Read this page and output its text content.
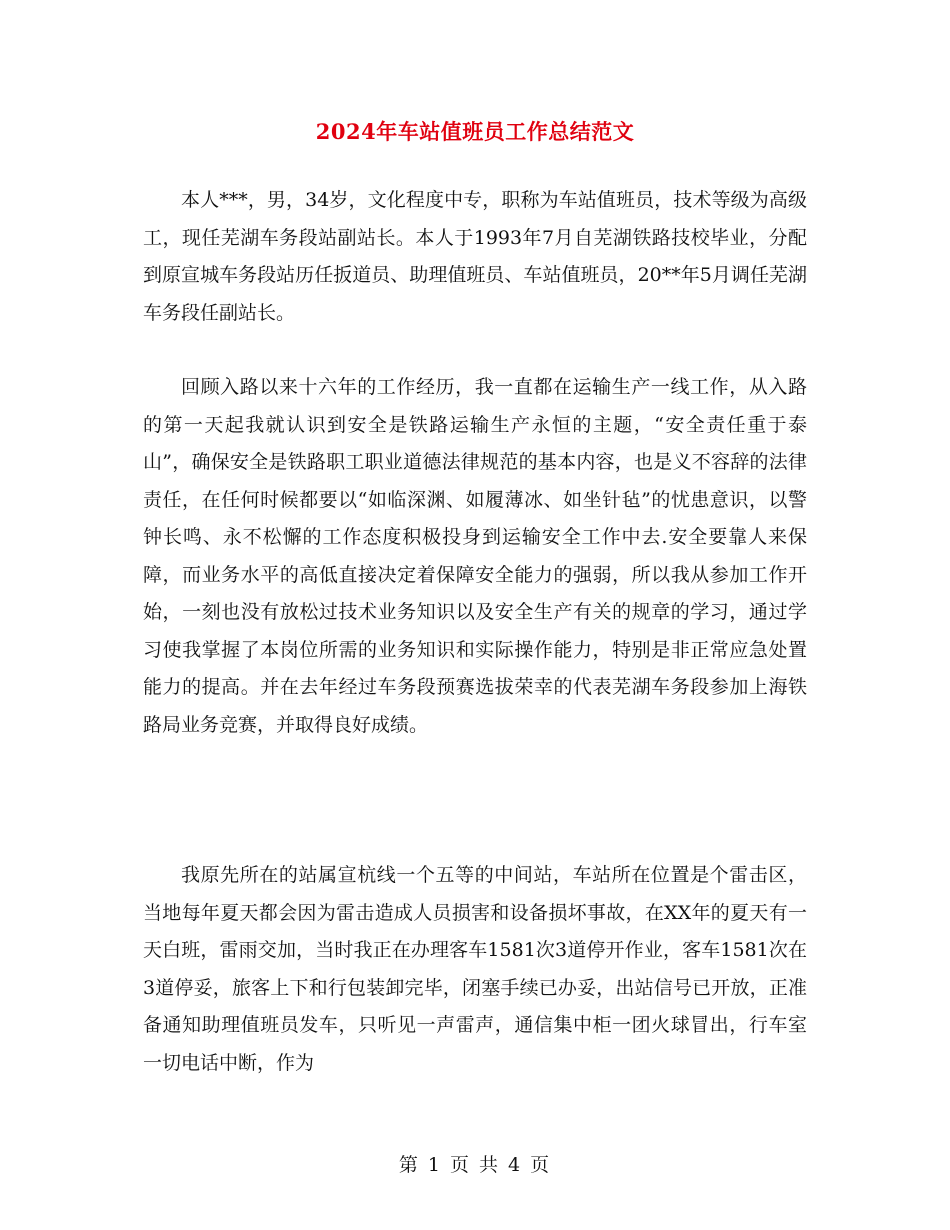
2024年车站值班员工作总结范文

本人***，男，34岁，文化程度中专，职称为车站值班员，技术等级为高级工，现任芜湖车务段站副站长。本人于1993年7月自芜湖铁路技校毕业，分配到原宣城车务段站历任扳道员、助理值班员、车站值班员，20**年5月调任芜湖车务段任副站长。

回顾入路以来十六年的工作经历，我一直都在运输生产一线工作，从入路的第一天起我就认识到安全是铁路运输生产永恒的主题，“安全责任重于泰山”，确保安全是铁路职工职业道德法律规范的基本内容，也是义不容辞的法律责任，在任何时候都要以“如临深渊、如履薄冰、如坐针毡”的忧患意识，以警钟长鸣、永不松懈的工作态度积极投身到运输安全工作中去.安全要靠人来保障，而业务水平的高低直接决定着保障安全能力的强弱，所以我从参加工作开始，一刻也没有放松过技术业务知识以及安全生产有关的规章的学习，通过学习使我掌握了本岗位所需的业务知识和实际操作能力，特别是非正常应急处置能力的提高。并在去年经过车务段预赛选拔荣幸的代表芜湖车务段参加上海铁路局业务竞赛，并取得良好成绩。

我原先所在的站属宣杭线一个五等的中间站，车站所在位置是个雷击区，当地每年夏天都会因为雷击造成人员损害和设备损坏事故，在XX年的夏天有一天白班，雷雨交加，当时我正在办理客车1581次3道停开作业，客车1581次在3道停妥，旅客上下和行包装卸完毕，闭塞手续已办妥，出站信号已开放，正准备通知助理值班员发车，只听见一声雷声，通信集中柜一团火球冒出，行车室一切电话中断，作为

第 1 页 共 4 页
